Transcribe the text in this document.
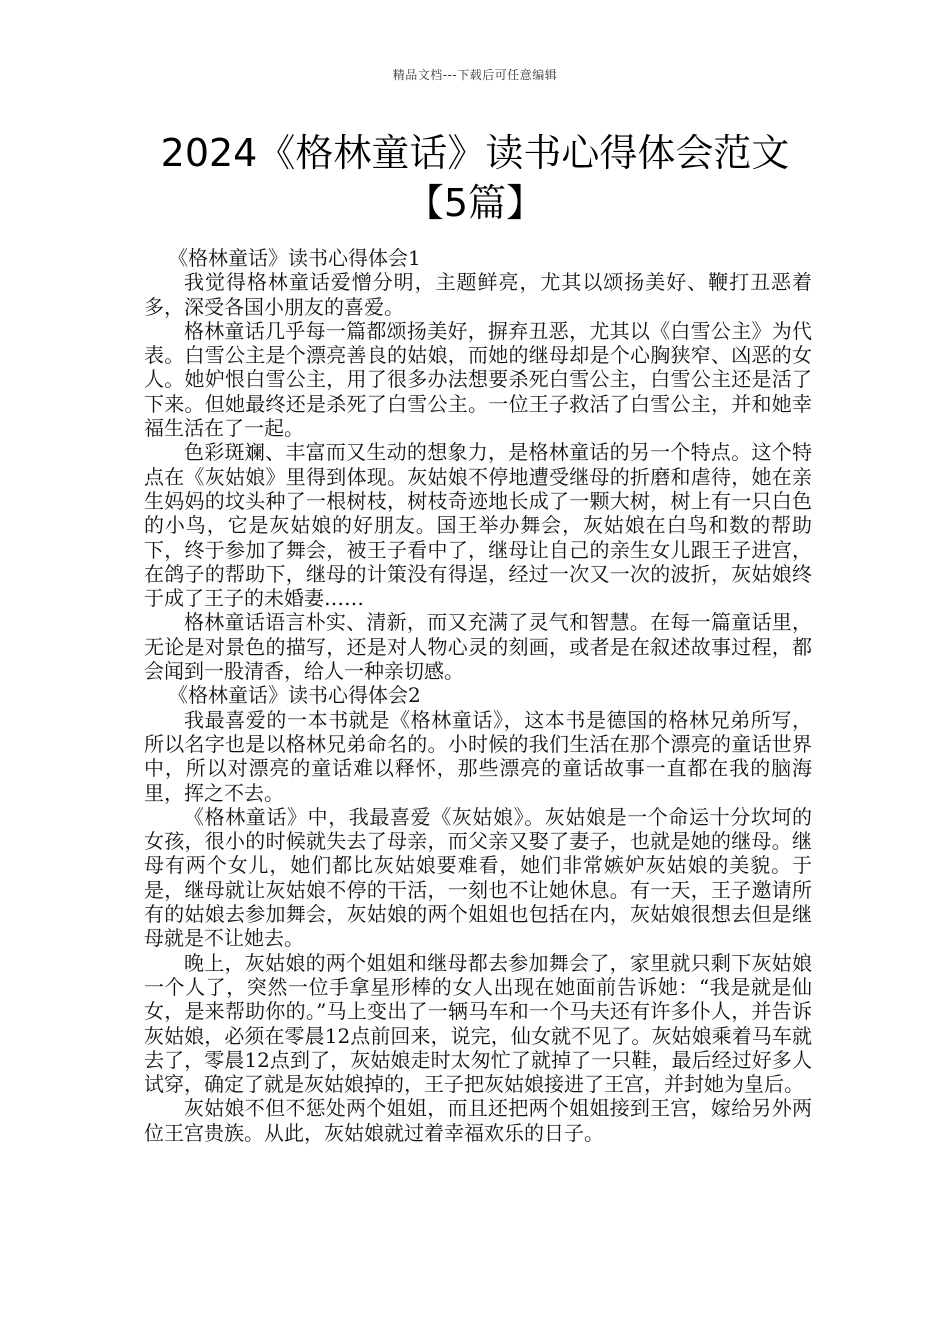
精品文档---下载后可任意编辑
2024《格林童话》读书心得体会范文
【5篇】

《格林童话》读书心得体会1

我觉得格林童话爱憎分明，主题鲜亮，尤其以颂扬美好、鞭打丑恶着多，深受各国小朋友的喜爱。

格林童话几乎每一篇都颂扬美好，摒弃丑恶，尤其以《白雪公主》为代表。白雪公主是个漂亮善良的姑娘，而她的继母却是个心胸狭窄、凶恶的女人。她妒恨白雪公主，用了很多办法想要杀死白雪公主，白雪公主还是活了下来。但她最终还是杀死了白雪公主。一位王子救活了白雪公主，并和她幸福生活在了一起。

色彩斑斓、丰富而又生动的想象力，是格林童话的另一个特点。这个特点在《灰姑娘》里得到体现。灰姑娘不停地遭受继母的折磨和虐待，她在亲生妈妈的坟头种了一根树枝，树枝奇迹地长成了一颗大树，树上有一只白色的小鸟，它是灰姑娘的好朋友。国王举办舞会，灰姑娘在白鸟和数的帮助下，终于参加了舞会，被王子看中了，继母让自己的亲生女儿跟王子进宫，在鸽子的帮助下，继母的计策没有得逞，经过一次又一次的波折，灰姑娘终于成了王子的未婚妻……

格林童话语言朴实、清新，而又充满了灵气和智慧。在每一篇童话里，无论是对景色的描写，还是对人物心灵的刻画，或者是在叙述故事过程，都会闻到一股清香，给人一种亲切感。

《格林童话》读书心得体会2

我最喜爱的一本书就是《格林童话》，这本书是德国的格林兄弟所写，所以名字也是以格林兄弟命名的。小时候的我们生活在那个漂亮的童话世界中，所以对漂亮的童话难以释怀，那些漂亮的童话故事一直都在我的脑海里，挥之不去。

《格林童话》中，我最喜爱《灰姑娘》。灰姑娘是一个命运十分坎坷的女孩，很小的时候就失去了母亲，而父亲又娶了妻子，也就是她的继母。继母有两个女儿，她们都比灰姑娘要难看，她们非常嫉妒灰姑娘的美貌。于是，继母就让灰姑娘不停的干活，一刻也不让她休息。有一天，王子邀请所有的姑娘去参加舞会，灰姑娘的两个姐姐也包括在内，灰姑娘很想去但是继母就是不让她去。

晚上，灰姑娘的两个姐姐和继母都去参加舞会了，家里就只剩下灰姑娘一个人了，突然一位手拿星形棒的女人出现在她面前告诉她：“我是就是仙女，是来帮助你的。”马上变出了一辆马车和一个马夫还有许多仆人，并告诉灰姑娘，必须在零晨12点前回来，说完，仙女就不见了。灰姑娘乘着马车就去了，零晨12点到了，灰姑娘走时太匆忙了就掉了一只鞋，最后经过好多人试穿，确定了就是灰姑娘掉的，王子把灰姑娘接进了王宫，并封她为皇后。

灰姑娘不但不惩处两个姐姐，而且还把两个姐姐接到王宫，嫁给另外两位王宫贵族。从此，灰姑娘就过着幸福欢乐的日子。
